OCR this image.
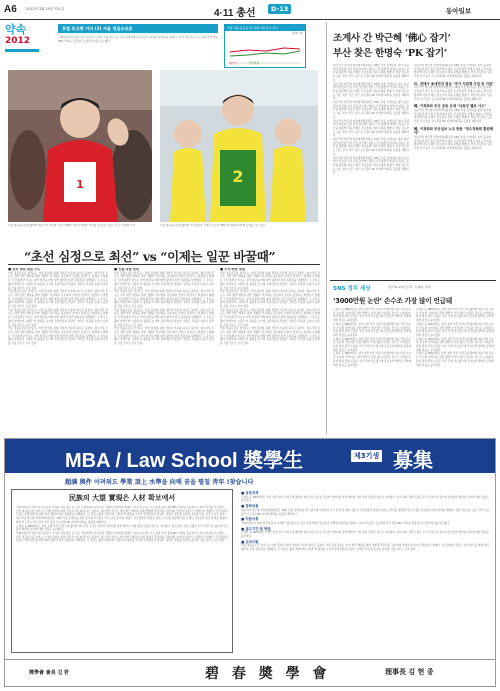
A6	2012년 3월 29일 목요일	4·11 총선	D-13	동아일보
약속
2012
포털 토크랑 거더 (2) 서울 정읍유로문

국회의원선거 첫날 선거 운동이 시작된 서울 종로 등 주요 격전지에서 후보들이 치열한 유세전을 펼쳤다. 여야 지도부는 수도권과 부산·경남(PK) 지역을 집중적으로 찾아 지지를 호소했다.

서울 정읍유로문 한 판세 여론조사 추이
(단위: %)
새누리	민주통합
1	2

서울 정읍유로문에 출마한 새누리당 정인현 후보가 28일 거리 유세에서 지지를 호소하고 있다. 사진: 김재명 기자	서울 정읍유로문에 출마한 민주통합당 신경민 후보가 28일 지지자들과 함께 유세를 하고 있다.

“초선 심정으로 최선” vs “이제는 일꾼 바꿀때”

■ 정치 세력 대결 구도

서울 정읍유로문 선거구는 이번 총선의 최대 격전지 가운데 하나로 꼽힌다. 새누리당 후보는 지역 현안 해결을 위한 경험과 추진력을 강조하며 초선의 심정으로 뛰겠다고 밝혔다. 민주통합당 후보는 지역 일꾼을 바꿀 때가 됐다며 정권 심판론을 내세웠다. 두 후보는 출마 첫날부터 시장과 역 광장을 오가며 유권자들과 만났다. 양측은 부동층 표심이 승부를 가를 것으로 보고 있다.

서울 정읍유로문 선거구는 이번 총선의 최대 격전지 가운데 하나로 꼽힌다. 새누리당 후보는 지역 현안 해결을 위한 경험과 추진력을 강조하며 초선의 심정으로 뛰겠다고 밝혔다. 민주통합당 후보는 지역 일꾼을 바꿀 때가 됐다며 정권 심판론을 내세웠다. 두 후보는 출마 첫날부터 시장과 역 광장을 오가며 유권자들과 만났다. 양측은 부동층 표심이 승부를 가를 것으로 보고 있다.

서울 정읍유로문 선거구는 이번 총선의 최대 격전지 가운데 하나로 꼽힌다. 새누리당 후보는 지역 현안 해결을 위한 경험과 추진력을 강조하며 초선의 심정으로 뛰겠다고 밝혔다. 민주통합당 후보는 지역 일꾼을 바꿀 때가 됐다며 정권 심판론을 내세웠다. 두 후보는 출마 첫날부터 시장과 역 광장을 오가며 유권자들과 만났다. 양측은 부동층 표심이 승부를 가를 것으로 보고 있다.

서울 정읍유로문 선거구는 이번 총선의 최대 격전지 가운데 하나로 꼽힌다. 새누리당 후보는 지역 현안 해결을 위한 경험과 추진력을 강조하며 초선의 심정으로 뛰겠다고 밝혔다. 민주통합당 후보는 지역 일꾼을 바꿀 때가 됐다며 정권 심판론을 내세웠다. 두 후보는 출마 첫날부터 시장과 역 광장을 오가며 유권자들과 만났다. 양측은 부동층 표심이 승부를 가를 것으로 보고 있다.

■ 인물 대결 양상

서울 정읍유로문 선거구는 이번 총선의 최대 격전지 가운데 하나로 꼽힌다. 새누리당 후보는 지역 현안 해결을 위한 경험과 추진력을 강조하며 초선의 심정으로 뛰겠다고 밝혔다. 민주통합당 후보는 지역 일꾼을 바꿀 때가 됐다며 정권 심판론을 내세웠다. 두 후보는 출마 첫날부터 시장과 역 광장을 오가며 유권자들과 만났다. 양측은 부동층 표심이 승부를 가를 것으로 보고 있다.

서울 정읍유로문 선거구는 이번 총선의 최대 격전지 가운데 하나로 꼽힌다. 새누리당 후보는 지역 현안 해결을 위한 경험과 추진력을 강조하며 초선의 심정으로 뛰겠다고 밝혔다. 민주통합당 후보는 지역 일꾼을 바꿀 때가 됐다며 정권 심판론을 내세웠다. 두 후보는 출마 첫날부터 시장과 역 광장을 오가며 유권자들과 만났다. 양측은 부동층 표심이 승부를 가를 것으로 보고 있다.

서울 정읍유로문 선거구는 이번 총선의 최대 격전지 가운데 하나로 꼽힌다. 새누리당 후보는 지역 현안 해결을 위한 경험과 추진력을 강조하며 초선의 심정으로 뛰겠다고 밝혔다. 민주통합당 후보는 지역 일꾼을 바꿀 때가 됐다며 정권 심판론을 내세웠다. 두 후보는 출마 첫날부터 시장과 역 광장을 오가며 유권자들과 만났다. 양측은 부동층 표심이 승부를 가를 것으로 보고 있다.

서울 정읍유로문 선거구는 이번 총선의 최대 격전지 가운데 하나로 꼽힌다. 새누리당 후보는 지역 현안 해결을 위한 경험과 추진력을 강조하며 초선의 심정으로 뛰겠다고 밝혔다. 민주통합당 후보는 지역 일꾼을 바꿀 때가 됐다며 정권 심판론을 내세웠다. 두 후보는 출마 첫날부터 시장과 역 광장을 오가며 유권자들과 만났다. 양측은 부동층 표심이 승부를 가를 것으로 보고 있다.

■ 조직·바람 대결

서울 정읍유로문 선거구는 이번 총선의 최대 격전지 가운데 하나로 꼽힌다. 새누리당 후보는 지역 현안 해결을 위한 경험과 추진력을 강조하며 초선의 심정으로 뛰겠다고 밝혔다. 민주통합당 후보는 지역 일꾼을 바꿀 때가 됐다며 정권 심판론을 내세웠다. 두 후보는 출마 첫날부터 시장과 역 광장을 오가며 유권자들과 만났다. 양측은 부동층 표심이 승부를 가를 것으로 보고 있다.

서울 정읍유로문 선거구는 이번 총선의 최대 격전지 가운데 하나로 꼽힌다. 새누리당 후보는 지역 현안 해결을 위한 경험과 추진력을 강조하며 초선의 심정으로 뛰겠다고 밝혔다. 민주통합당 후보는 지역 일꾼을 바꿀 때가 됐다며 정권 심판론을 내세웠다. 두 후보는 출마 첫날부터 시장과 역 광장을 오가며 유권자들과 만났다. 양측은 부동층 표심이 승부를 가를 것으로 보고 있다.

서울 정읍유로문 선거구는 이번 총선의 최대 격전지 가운데 하나로 꼽힌다. 새누리당 후보는 지역 현안 해결을 위한 경험과 추진력을 강조하며 초선의 심정으로 뛰겠다고 밝혔다. 민주통합당 후보는 지역 일꾼을 바꿀 때가 됐다며 정권 심판론을 내세웠다. 두 후보는 출마 첫날부터 시장과 역 광장을 오가며 유권자들과 만났다. 양측은 부동층 표심이 승부를 가를 것으로 보고 있다.

서울 정읍유로문 선거구는 이번 총선의 최대 격전지 가운데 하나로 꼽힌다. 새누리당 후보는 지역 현안 해결을 위한 경험과 추진력을 강조하며 초선의 심정으로 뛰겠다고 밝혔다. 민주통합당 후보는 지역 일꾼을 바꿀 때가 됐다며 정권 심판론을 내세웠다. 두 후보는 출마 첫날부터 시장과 역 광장을 오가며 유권자들과 만났다. 양측은 부동층 표심이 승부를 가를 것으로 보고 있다.

조계사 간 박근혜 ‘佛心 잡기’
부산 찾은 한명숙 ‘PK 잡기’

새누리당 박근혜 비상대책위원장은 28일 서울 조계사를 찾아 불교계 인사들과 만나 민심 잡기에 나섰다. 민주통합당 한명숙 대표는 부산을 방문해 낙동강 벨트 후보들의 지원 유세를 펼쳤다. 양당 지도부는 남은 선거 기간 동안 수도권과 PK 지역에 화력을 집중할 계획이다.

새누리당 박근혜 비상대책위원장은 28일 서울 조계사를 찾아 불교계 인사들과 만나 민심 잡기에 나섰다. 민주통합당 한명숙 대표는 부산을 방문해 낙동강 벨트 후보들의 지원 유세를 펼쳤다. 양당 지도부는 남은 선거 기간 동안 수도권과 PK 지역에 화력을 집중할 계획이다.

새누리당 박근혜 비상대책위원장은 28일 서울 조계사를 찾아 불교계 인사들과 만나 민심 잡기에 나섰다. 민주통합당 한명숙 대표는 부산을 방문해 낙동강 벨트 후보들의 지원 유세를 펼쳤다. 양당 지도부는 남은 선거 기간 동안 수도권과 PK 지역에 화력을 집중할 계획이다.

새누리당 박근혜 비상대책위원장은 28일 서울 조계사를 찾아 불교계 인사들과 만나 민심 잡기에 나섰다. 민주통합당 한명숙 대표는 부산을 방문해 낙동강 벨트 후보들의 지원 유세를 펼쳤다. 양당 지도부는 남은 선거 기간 동안 수도권과 PK 지역에 화력을 집중할 계획이다.

새누리당 박근혜 비상대책위원장은 28일 서울 조계사를 찾아 불교계 인사들과 만나 민심 잡기에 나섰다. 민주통합당 한명숙 대표는 부산을 방문해 낙동강 벨트 후보들의 지원 유세를 펼쳤다. 양당 지도부는 남은 선거 기간 동안 수도권과 PK 지역에 화력을 집중할 계획이다.

새누리당 박근혜 비상대책위원장은 28일 서울 조계사를 찾아 불교계 인사들과 만나 민심 잡기에 나섰다. 민주통합당 한명숙 대표는 부산을 방문해 낙동강 벨트 후보들의 지원 유세를 펼쳤다. 양당 지도부는 남은 선거 기간 동안 수도권과 PK 지역에 화력을 집중할 계획이다.

새누리당 박근혜 비상대책위원장은 28일 서울 조계사를 찾아 불교계 인사들과 만나 민심 잡기에 나섰다. 민주통합당 한명숙 대표는 부산을 방문해 낙동강 벨트 후보들의 지원 유세를 펼쳤다. 양당 지도부는 남은 선거 기간 동안 수도권과 PK 지역에 화력을 집중할 계획이다.

朴, 천태사 종대전과 점심 "국가 지원책 사업 등 지원"

새누리당 박근혜 비상대책위원장은 28일 서울 조계사를 찾아 불교계 인사들과 만나 민심 잡기에 나섰다. 민주통합당 한명숙 대표는 부산을 방문해 낙동강 벨트 후보들의 지원 유세를 펼쳤다. 양당 지도부는 남은 선거 기간 동안 수도권과 PK 지역에 화력을 집중할 계획이다.

韓, 이정희와 부산 공동 유세 "낙동강 벨트 사수"

새누리당 박근혜 비상대책위원장은 28일 서울 조계사를 찾아 불교계 인사들과 만나 민심 잡기에 나섰다. 민주통합당 한명숙 대표는 부산을 방문해 낙동강 벨트 후보들의 지원 유세를 펼쳤다. 양당 지도부는 남은 선거 기간 동안 수도권과 PK 지역에 화력을 집중할 계획이다.

韓, 이정희와 부산일보 노조 방문 "정수장학회 환원해야"

새누리당 박근혜 비상대책위원장은 28일 서울 조계사를 찾아 불교계 인사들과 만나 민심 잡기에 나섰다. 민주통합당 한명숙 대표는 부산을 방문해 낙동강 벨트 후보들의 지원 유세를 펼쳤다. 양당 지도부는 남은 선거 기간 동안 수도권과 PK 지역에 화력을 집중할 계획이다.

SNS 정치 세상	선거 D-13일 전·후 ‘트위터’ 분석
‘3000만원 논란’ 손수조 가장 많이 언급돼

트위터 등 SNS에서는 선거 초반 부산 사상구에 출마한 새누리당 손수조 후보의 선거비용 관련 발언이 가장 많이 언급된 것으로 나타났다. 분석 결과 관련 트윗은 수만 건에 이르렀으며 후보들의 발언과 공약에 대한 관심도 높아졌다.

트위터 등 SNS에서는 선거 초반 부산 사상구에 출마한 새누리당 손수조 후보의 선거비용 관련 발언이 가장 많이 언급된 것으로 나타났다. 분석 결과 관련 트윗은 수만 건에 이르렀으며 후보들의 발언과 공약에 대한 관심도 높아졌다.

트위터 등 SNS에서는 선거 초반 부산 사상구에 출마한 새누리당 손수조 후보의 선거비용 관련 발언이 가장 많이 언급된 것으로 나타났다. 분석 결과 관련 트윗은 수만 건에 이르렀으며 후보들의 발언과 공약에 대한 관심도 높아졌다.

트위터 등 SNS에서는 선거 초반 부산 사상구에 출마한 새누리당 손수조 후보의 선거비용 관련 발언이 가장 많이 언급된 것으로 나타났다. 분석 결과 관련 트윗은 수만 건에 이르렀으며 후보들의 발언과 공약에 대한 관심도 높아졌다.

트위터 등 SNS에서는 선거 초반 부산 사상구에 출마한 새누리당 손수조 후보의 선거비용 관련 발언이 가장 많이 언급된 것으로 나타났다. 분석 결과 관련 트윗은 수만 건에 이르렀으며 후보들의 발언과 공약에 대한 관심도 높아졌다.

트위터 등 SNS에서는 선거 초반 부산 사상구에 출마한 새누리당 손수조 후보의 선거비용 관련 발언이 가장 많이 언급된 것으로 나타났다. 분석 결과 관련 트윗은 수만 건에 이르렀으며 후보들의 발언과 공약에 대한 관심도 높아졌다.

트위터 등 SNS에서는 선거 초반 부산 사상구에 출마한 새누리당 손수조 후보의 선거비용 관련 발언이 가장 많이 언급된 것으로 나타났다. 분석 결과 관련 트윗은 수만 건에 이르렀으며 후보들의 발언과 공약에 대한 관심도 높아졌다.

트위터 등 SNS에서는 선거 초반 부산 사상구에 출마한 새누리당 손수조 후보의 선거비용 관련 발언이 가장 많이 언급된 것으로 나타났다. 분석 결과 관련 트윗은 수만 건에 이르렀으며 후보들의 발언과 공약에 대한 관심도 높아졌다.

MBA / Law School 奬學生	제3기생 募集
超满 與件 어려워도 學業 頂上 水準을 向해 꿈을 펼칠 靑年 !찾습니다
民族의 大望 實現은 人材 확보에서

국회의원선거 첫날 선거 운동이 시작된 서울 종로 등 주요 격전지에서 후보들이 치열한 유세전을 펼쳤다. 여야 지도부는 수도권과 부산·경남(PK) 지역을 집중적으로 찾아 지지를 호소했다.

서울 정읍유로문 선거구는 이번 총선의 최대 격전지 가운데 하나로 꼽힌다. 새누리당 후보는 지역 현안 해결을 위한 경험과 추진력을 강조하며 초선의 심정으로 뛰겠다고 밝혔다. 민주통합당 후보는 지역 일꾼을 바꿀 때가 됐다며 정권 심판론을 내세웠다. 두 후보는 출마 첫날부터 시장과 역 광장을 오가며 유권자들과 만났다. 양측은 부동층 표심이 승부를 가를 것으로 보고 있다.

새누리당 박근혜 비상대책위원장은 28일 서울 조계사를 찾아 불교계 인사들과 만나 민심 잡기에 나섰다. 민주통합당 한명숙 대표는 부산을 방문해 낙동강 벨트 후보들의 지원 유세를 펼쳤다. 양당 지도부는 남은 선거 기간 동안 수도권과 PK 지역에 화력을 집중할 계획이다.

트위터 등 SNS에서는 선거 초반 부산 사상구에 출마한 새누리당 손수조 후보의 선거비용 관련 발언이 가장 많이 언급된 것으로 나타났다. 분석 결과 관련 트윗은 수만 건에 이르렀으며 후보들의 발언과 공약에 대한 관심도 높아졌다.

국회의원선거 첫날 선거 운동이 시작된 서울 종로 등 주요 격전지에서 후보들이 치열한 유세전을 펼쳤다. 여야 지도부는 수도권과 부산·경남(PK) 지역을 집중적으로 찾아 지지를 호소했다.

서울 정읍유로문 선거구는 이번 총선의 최대 격전지 가운데 하나로 꼽힌다. 새누리당 후보는 지역 현안 해결을 위한 경험과 추진력을 강조하며 초선의 심정으로 뛰겠다고 밝혔다. 민주통합당 후보는 지역 일꾼을 바꿀 때가 됐다며 정권 심판론을 내세웠다. 두 후보는 출마 첫날부터 시장과 역 광장을 오가며 유권자들과 만났다. 양측은 부동층 표심이 승부를 가를 것으로 보고 있다.

■ 응모자격

트위터 등 SNS에서는 선거 초반 부산 사상구에 출마한 새누리당 손수조 후보의 선거비용 관련 발언이 가장 많이 언급된 것으로 나타났다. 분석 결과 관련 트윗은 수만 건에 이르렀으며 후보들의 발언과 공약에 대한 관심도 높아졌다.

■ 장학내용

새누리당 박근혜 비상대책위원장은 28일 서울 조계사를 찾아 불교계 인사들과 만나 민심 잡기에 나섰다. 민주통합당 한명숙 대표는 부산을 방문해 낙동강 벨트 후보들의 지원 유세를 펼쳤다. 양당 지도부는 남은 선거 기간 동안 수도권과 PK 지역에 화력을 집중할 계획이다.

■ 지원서류

국회의원선거 첫날 선거 운동이 시작된 서울 종로 등 주요 격전지에서 후보들이 치열한 유세전을 펼쳤다. 여야 지도부는 수도권과 부산·경남(PK) 지역을 집중적으로 찾아 지지를 호소했다.

■ 접수기간 및 방법

트위터 등 SNS에서는 선거 초반 부산 사상구에 출마한 새누리당 손수조 후보의 선거비용 관련 발언이 가장 많이 언급된 것으로 나타났다. 분석 결과 관련 트윗은 수만 건에 이르렀으며 후보들의 발언과 공약에 대한 관심도 높아졌다.

■ 유의사항

서울 정읍유로문 선거구는 이번 총선의 최대 격전지 가운데 하나로 꼽힌다. 새누리당 후보는 지역 현안 해결을 위한 경험과 추진력을 강조하며 초선의 심정으로 뛰겠다고 밝혔다. 민주통합당 후보는 지역 일꾼을 바꿀 때가 됐다며 정권 심판론을 내세웠다. 두 후보는 출마 첫날부터 시장과 역 광장을 오가며 유권자들과 만났다. 양측은 부동층 표심이 승부를 가를 것으로 보고 있다.

奬學會 會長 김 환	碧 春 奬 學 會	理事長 김 현 종
